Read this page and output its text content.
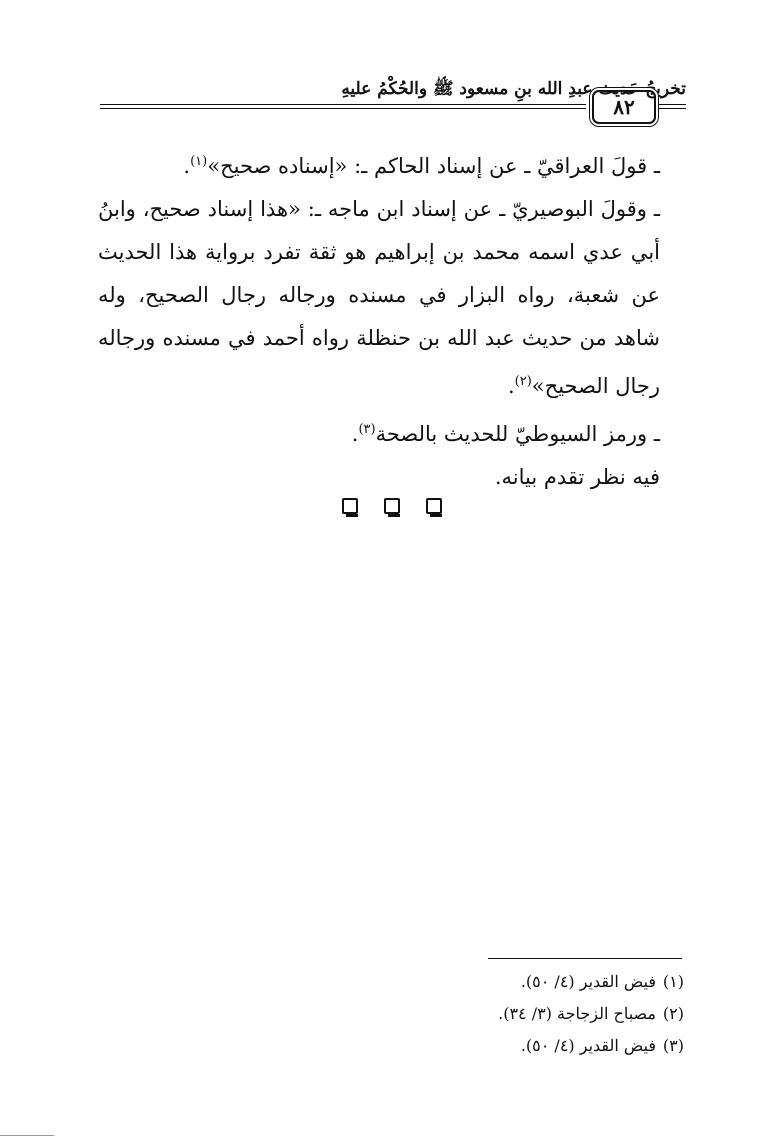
تخريجُ حَديث عبدِ الله بنِ مسعود ﷺ والحُكْمُ عليهِ
٨٢

ـ قولَ العراقيّ ـ عن إسناد الحاكم ـ: «إسناده صحيح»$^{(١)}$.

ـ وقولَ البوصيريّ ـ عن إسناد ابن ماجه ـ: «هذا إسناد صحيح، وابنُ أبي عدي اسمه محمد بن إبراهيم هو ثقة تفرد برواية هذا الحديث عن شعبة، رواه البزار في مسنده ورجاله رجال الصحيح، وله شاهد من حديث عبد الله بن حنظلة رواه أحمد في مسنده ورجاله رجال الصحيح»$^{(٢)}$.

ـ ورمز السيوطيّ للحديث بالصحة$^{(٣)}$.

فيه نظر تقدم بيانه.

(١)فيض القدير (٤/ ٥٠).

(٢)مصباح الزجاجة (٣/ ٣٤).

(٣)فيض القدير (٤/ ٥٠).
